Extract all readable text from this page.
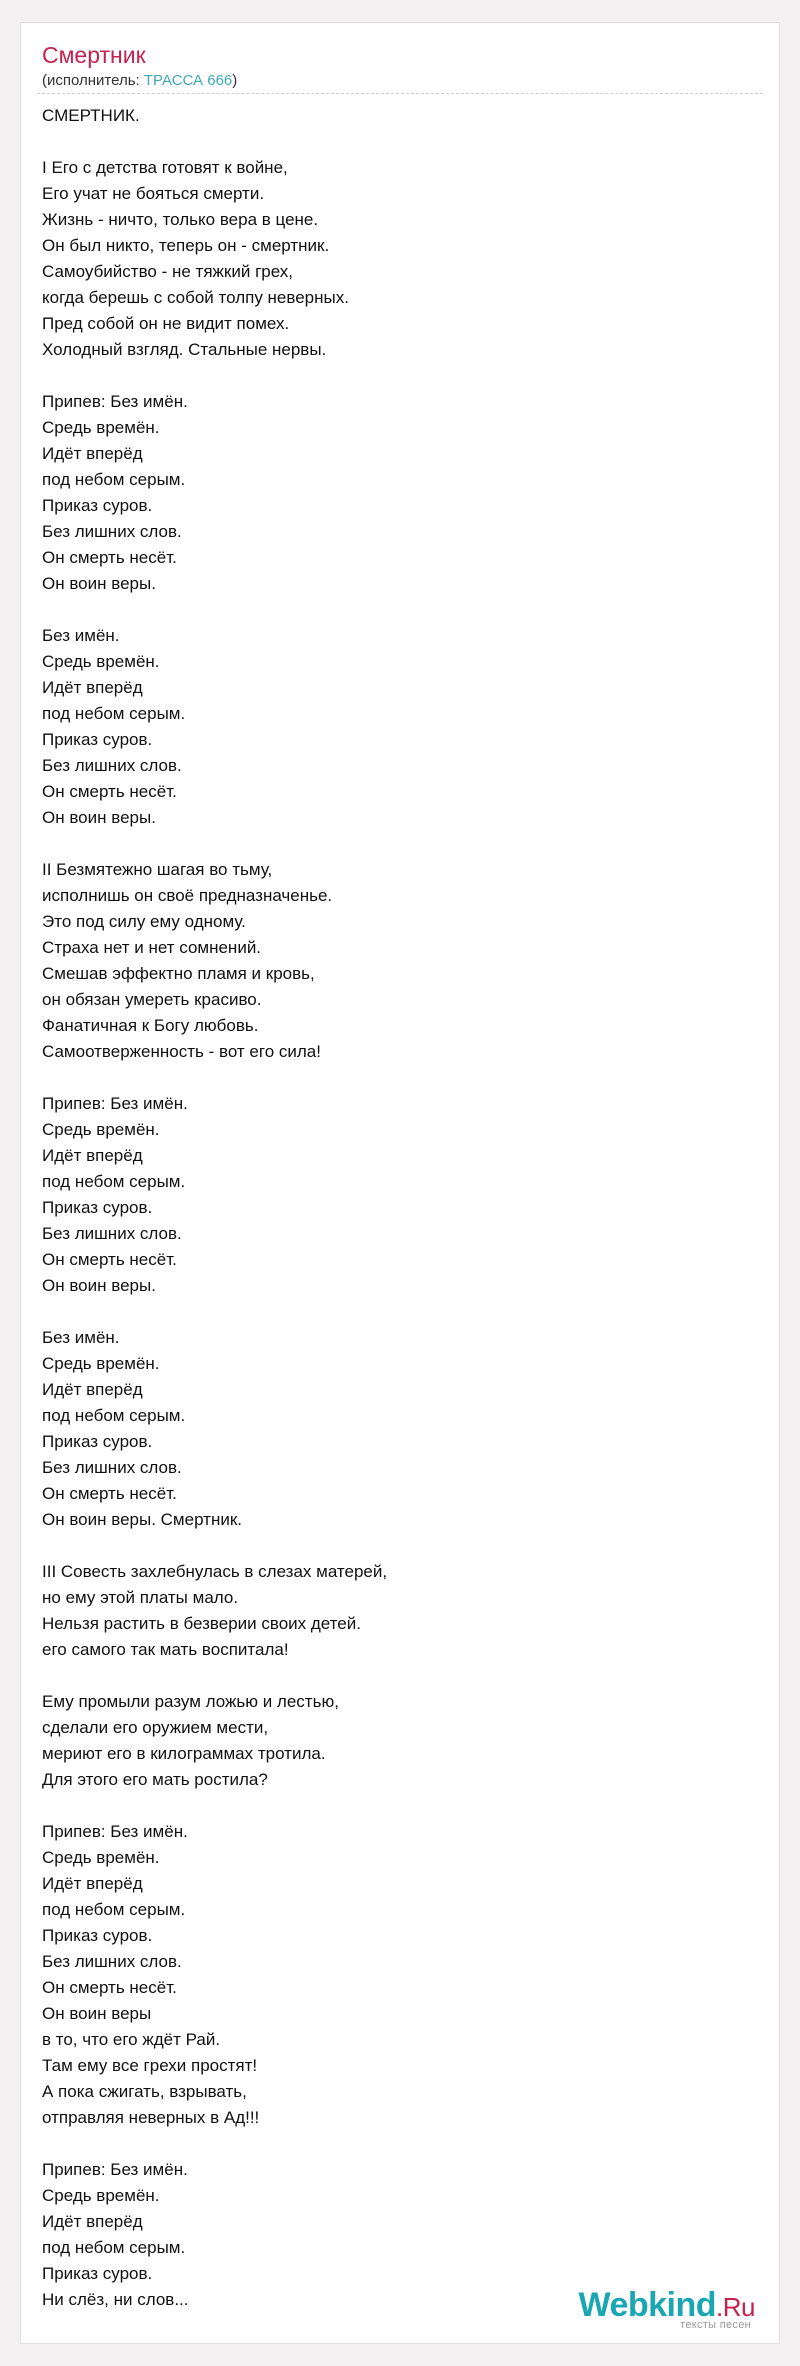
Смертник
(исполнитель: ТРАССА 666)
СМЕРТНИК.

I Его с детства готовят к войне,
Его учат не бояться смерти.
Жизнь - ничто, только вера в цене.
Он был никто, теперь он - смертник.
Самоубийство - не тяжкий грех,
когда берешь с собой толпу неверных.
Пред собой он не видит помех.
Холодный взгляд. Стальные нервы.

Припев: Без имён.
Средь времён.
Идёт вперёд
под небом серым.
Приказ суров.
Без лишних слов.
Он смерть несёт.
Он воин веры.

Без имён.
Средь времён.
Идёт вперёд
под небом серым.
Приказ суров.
Без лишних слов.
Он смерть несёт.
Он воин веры.

II Безмятежно шагая во тьму,
исполнишь он своё предназначенье.
Это под силу ему одному.
Страха нет и нет сомнений.
Смешав эффектно пламя и кровь,
он обязан умереть красиво.
Фанатичная к Богу любовь.
Самоотверженность - вот его сила!

Припев: Без имён.
Средь времён.
Идёт вперёд
под небом серым.
Приказ суров.
Без лишних слов.
Он смерть несёт.
Он воин веры.

Без имён.
Средь времён.
Идёт вперёд
под небом серым.
Приказ суров.
Без лишних слов.
Он смерть несёт.
Он воин веры. Смертник.

III Совесть захлебнулась в слезах матерей,
но ему этой платы мало.
Нельзя растить в безверии своих детей.
его самого так мать воспитала!

Ему промыли разум ложью и лестью,
сделали его оружием мести,
мериют его в килограммах тротила.
Для этого его мать ростила?

Припев: Без имён.
Средь времён.
Идёт вперёд
под небом серым.
Приказ суров.
Без лишних слов.
Он смерть несёт.
Он воин веры
в то, что его ждёт Рай.
Там ему все грехи простят!
А пока сжигать, взрывать,
отправляя неверных в Ад!!!

Припев: Без имён.
Средь времён.
Идёт вперёд
под небом серым.
Приказ суров.
Ни слёз, ни слов...	Webkind.Ru
тексты песен
